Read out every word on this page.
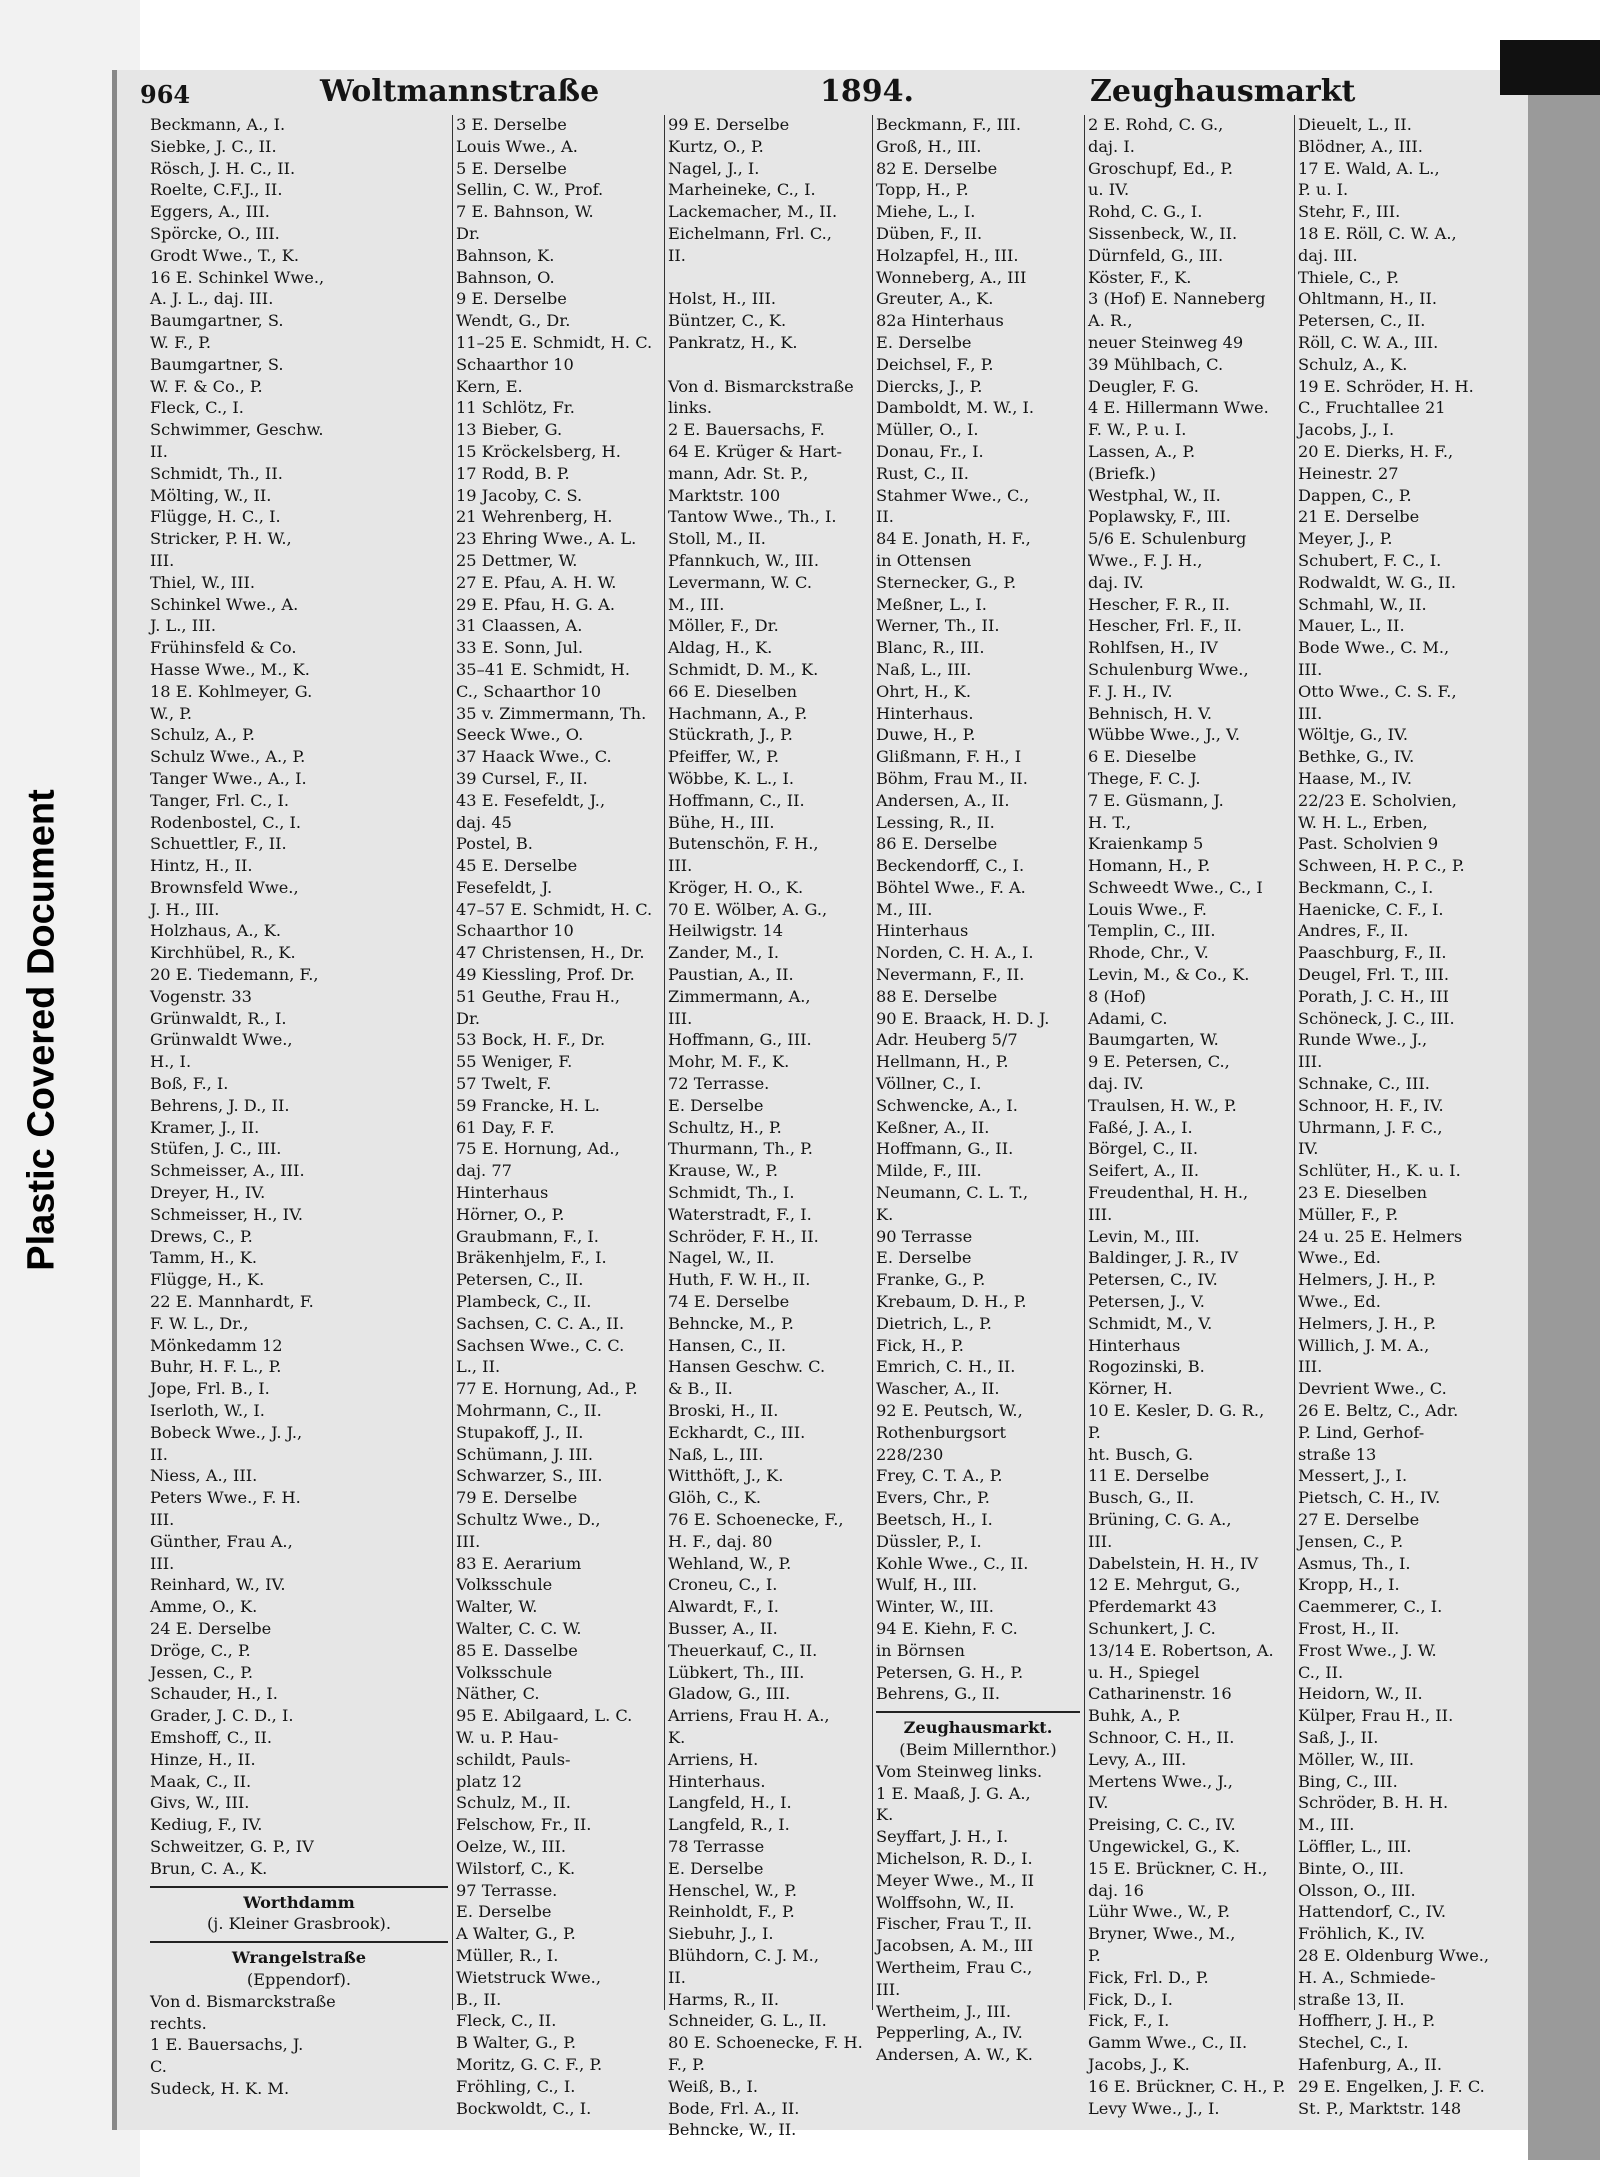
Plastic Covered Document
964	Woltmannstraße	1894.	Zeughausmarkt
Beckmann, A., I.
Siebke, J. C., II.
Rösch, J. H. C., II.
Roelte, C.F.J., II.
Eggers, A., III.
Spörcke, O., III.
Grodt Wwe., T., K.
16 E. Schinkel Wwe.,
A. J. L., daj. III.
Baumgartner, S.
W. F., P.
Baumgartner, S.
W. F. & Co., P.
Fleck, C., I.
Schwimmer, Geschw.
II.
Schmidt, Th., II.
Mölting, W., II.
Flügge, H. C., I.
Stricker, P. H. W.,
III.
Thiel, W., III.
Schinkel Wwe., A.
J. L., III.
Frühinsfeld & Co.
Hasse Wwe., M., K.
18 E. Kohlmeyer, G.
W., P.
Schulz, A., P.
Schulz Wwe., A., P.
Tanger Wwe., A., I.
Tanger, Frl. C., I.
Rodenbostel, C., I.
Schuettler, F., II.
Hintz, H., II.
Brownsfeld Wwe.,
J. H., III.
Holzhaus, A., K.
Kirchhübel, R., K.
20 E. Tiedemann, F.,
Vogenstr. 33
Grünwaldt, R., I.
Grünwaldt Wwe.,
H., I.
Boß, F., I.
Behrens, J. D., II.
Kramer, J., II.
Stüfen, J. C., III.
Schmeisser, A., III.
Dreyer, H., IV.
Schmeisser, H., IV.
Drews, C., P.
Tamm, H., K.
Flügge, H., K.
22 E. Mannhardt, F.
F. W. L., Dr.,
Mönkedamm 12
Buhr, H. F. L., P.
Jope, Frl. B., I.
Iserloth, W., I.
Bobeck Wwe., J. J.,
II.
Niess, A., III.
Peters Wwe., F. H.
III.
Günther, Frau A.,
III.
Reinhard, W., IV.
Amme, O., K.
24 E. Derselbe
Dröge, C., P.
Jessen, C., P.
Schauder, H., I.
Grader, J. C. D., I.
Emshoff, C., II.
Hinze, H., II.
Maak, C., II.
Givs, W., III.
Kediug, F., IV.
Schweitzer, G. P., IV
Brun, C. A., K.
Worthdamm
(j. Kleiner Grasbrook).
Wrangelstraße
(Eppendorf).
Von d. Bismarckstraße
rechts.
1 E. Bauersachs, J.
C.
Sudeck, H. K. M.
3 E. Derselbe
Louis Wwe., A.
5 E. Derselbe
Sellin, C. W., Prof.
7 E. Bahnson, W.
Dr.
Bahnson, K.
Bahnson, O.
9 E. Derselbe
Wendt, G., Dr.
11–25 E. Schmidt, H. C.
Schaarthor 10
Kern, E.
11 Schlötz, Fr.
13 Bieber, G.
15 Kröckelsberg, H.
17 Rodd, B. P.
19 Jacoby, C. S.
21 Wehrenberg, H.
23 Ehring Wwe., A. L.
25 Dettmer, W.
27 E. Pfau, A. H. W.
29 E. Pfau, H. G. A.
31 Claassen, A.
33 E. Sonn, Jul.
35–41 E. Schmidt, H.
C., Schaarthor 10
35 v. Zimmermann, Th.
Seeck Wwe., O.
37 Haack Wwe., C.
39 Cursel, F., II.
43 E. Fesefeldt, J.,
daj. 45
Postel, B.
45 E. Derselbe
Fesefeldt, J.
47–57 E. Schmidt, H. C.
Schaarthor 10
47 Christensen, H., Dr.
49 Kiessling, Prof. Dr.
51 Geuthe, Frau H.,
Dr.
53 Bock, H. F., Dr.
55 Weniger, F.
57 Twelt, F.
59 Francke, H. L.
61 Day, F. F.
75 E. Hornung, Ad.,
daj. 77
Hinterhaus
Hörner, O., P.
Graubmann, F., I.
Bräkenhjelm, F., I.
Petersen, C., II.
Plambeck, C., II.
Sachsen, C. C. A., II.
Sachsen Wwe., C. C.
L., II.
77 E. Hornung, Ad., P.
Mohrmann, C., II.
Stupakoff, J., II.
Schümann, J. III.
Schwarzer, S., III.
79 E. Derselbe
Schultz Wwe., D.,
III.
83 E. Aerarium
Volksschule
Walter, W.
Walter, C. C. W.
85 E. Dasselbe
Volksschule
Näther, C.
95 E. Abilgaard, L. C.
W. u. P. Hau-
schildt, Pauls-
platz 12
Schulz, M., II.
Felschow, Fr., II.
Oelze, W., III.
Wilstorf, C., K.
97 Terrasse.
E. Derselbe
A Walter, G., P.
Müller, R., I.
Wietstruck Wwe.,
B., II.
Fleck, C., II.
B Walter, G., P.
Moritz, G. C. F., P.
Fröhling, C., I.
Bockwoldt, C., I.
99 E. Derselbe
Kurtz, O., P.
Nagel, J., I.
Marheineke, C., I.
Lackemacher, M., II.
Eichelmann, Frl. C.,
II.

Holst, H., III.
Büntzer, C., K.
Pankratz, H., K.

Von d. Bismarckstraße
links.
2 E. Bauersachs, F.
64 E. Krüger & Hart-
mann, Adr. St. P.,
Marktstr. 100
Tantow Wwe., Th., I.
Stoll, M., II.
Pfannkuch, W., III.
Levermann, W. C.
M., III.
Möller, F., Dr.
Aldag, H., K.
Schmidt, D. M., K.
66 E. Dieselben
Hachmann, A., P.
Stückrath, J., P.
Pfeiffer, W., P.
Wöbbe, K. L., I.
Hoffmann, C., II.
Bühe, H., III.
Butenschön, F. H.,
III.
Kröger, H. O., K.
70 E. Wölber, A. G.,
Heilwigstr. 14
Zander, M., I.
Paustian, A., II.
Zimmermann, A.,
III.
Hoffmann, G., III.
Mohr, M. F., K.
72 Terrasse.
E. Derselbe
Schultz, H., P.
Thurmann, Th., P.
Krause, W., P.
Schmidt, Th., I.
Waterstradt, F., I.
Schröder, F. H., II.
Nagel, W., II.
Huth, F. W. H., II.
74 E. Derselbe
Behncke, M., P.
Hansen, C., II.
Hansen Geschw. C.
& B., II.
Broski, H., II.
Eckhardt, C., III.
Naß, L., III.
Witthöft, J., K.
Glöh, C., K.
76 E. Schoenecke, F.,
H. F., daj. 80
Wehland, W., P.
Croneu, C., I.
Alwardt, F., I.
Busser, A., II.
Theuerkauf, C., II.
Lübkert, Th., III.
Gladow, G., III.
Arriens, Frau H. A.,
K.
Arriens, H.
Hinterhaus.
Langfeld, H., I.
Langfeld, R., I.
78 Terrasse
E. Derselbe
Henschel, W., P.
Reinholdt, F., P.
Siebuhr, J., I.
Blühdorn, C. J. M.,
II.
Harms, R., II.
Schneider, G. L., II.
80 E. Schoenecke, F. H.
F., P.
Weiß, B., I.
Bode, Frl. A., II.
Behncke, W., II.
Beckmann, F., III.
Groß, H., III.
82 E. Derselbe
Topp, H., P.
Miehe, L., I.
Düben, F., II.
Holzapfel, H., III.
Wonneberg, A., III
Greuter, A., K.
82a Hinterhaus
E. Derselbe
Deichsel, F., P.
Diercks, J., P.
Damboldt, M. W., I.
Müller, O., I.
Donau, Fr., I.
Rust, C., II.
Stahmer Wwe., C.,
II.
84 E. Jonath, H. F.,
in Ottensen
Sternecker, G., P.
Meßner, L., I.
Werner, Th., II.
Blanc, R., III.
Naß, L., III.
Ohrt, H., K.
Hinterhaus.
Duwe, H., P.
Glißmann, F. H., I
Böhm, Frau M., II.
Andersen, A., II.
Lessing, R., II.
86 E. Derselbe
Beckendorff, C., I.
Böhtel Wwe., F. A.
M., III.
Hinterhaus
Norden, C. H. A., I.
Nevermann, F., II.
88 E. Derselbe
90 E. Braack, H. D. J.
Adr. Heuberg 5/7
Hellmann, H., P.
Völlner, C., I.
Schwencke, A., I.
Keßner, A., II.
Hoffmann, G., II.
Milde, F., III.
Neumann, C. L. T.,
K.
90 Terrasse
E. Derselbe
Franke, G., P.
Krebaum, D. H., P.
Dietrich, L., P.
Fick, H., P.
Emrich, C. H., II.
Wascher, A., II.
92 E. Peutsch, W.,
Rothenburgsort
228/230
Frey, C. T. A., P.
Evers, Chr., P.
Beetsch, H., I.
Düssler, P., I.
Kohle Wwe., C., II.
Wulf, H., III.
Winter, W., III.
94 E. Kiehn, F. C.
in Börnsen
Petersen, G. H., P.
Behrens, G., II.
Zeughausmarkt.
(Beim Millernthor.)
Vom Steinweg links.
1 E. Maaß, J. G. A.,
K.
Seyffart, J. H., I.
Michelson, R. D., I.
Meyer Wwe., M., II
Wolffsohn, W., II.
Fischer, Frau T., II.
Jacobsen, A. M., III
Wertheim, Frau C.,
III.
Wertheim, J., III.
Pepperling, A., IV.
Andersen, A. W., K.
2 E. Rohd, C. G.,
daj. I.
Groschupf, Ed., P.
u. IV.
Rohd, C. G., I.
Sissenbeck, W., II.
Dürnfeld, G., III.
Köster, F., K.
3 (Hof) E. Nanneberg
A. R.,
neuer Steinweg 49
39 Mühlbach, C.
Deugler, F. G.
4 E. Hillermann Wwe.
F. W., P. u. I.
Lassen, A., P.
(Briefk.)
Westphal, W., II.
Poplawsky, F., III.
5/6 E. Schulenburg
Wwe., F. J. H.,
daj. IV.
Hescher, F. R., II.
Hescher, Frl. F., II.
Rohlfsen, H., IV
Schulenburg Wwe.,
F. J. H., IV.
Behnisch, H. V.
Wübbe Wwe., J., V.
6 E. Dieselbe
Thege, F. C. J.
7 E. Güsmann, J.
H. T.,
Kraienkamp 5
Homann, H., P.
Schweedt Wwe., C., I
Louis Wwe., F.
Templin, C., III.
Rhode, Chr., V.
Levin, M., & Co., K.
8 (Hof)
Adami, C.
Baumgarten, W.
9 E. Petersen, C.,
daj. IV.
Traulsen, H. W., P.
Faßé, J. A., I.
Börgel, C., II.
Seifert, A., II.
Freudenthal, H. H.,
III.
Levin, M., III.
Baldinger, J. R., IV
Petersen, C., IV.
Petersen, J., V.
Schmidt, M., V.
Hinterhaus
Rogozinski, B.
Körner, H.
10 E. Kesler, D. G. R.,
P.
ht. Busch, G.
11 E. Derselbe
Busch, G., II.
Brüning, C. G. A.,
III.
Dabelstein, H. H., IV
12 E. Mehrgut, G.,
Pferdemarkt 43
Schunkert, J. C.
13/14 E. Robertson, A.
u. H., Spiegel
Catharinenstr. 16
Buhk, A., P.
Schnoor, C. H., II.
Levy, A., III.
Mertens Wwe., J.,
IV.
Preising, C. C., IV.
Ungewickel, G., K.
15 E. Brückner, C. H.,
daj. 16
Lühr Wwe., W., P.
Bryner, Wwe., M.,
P.
Fick, Frl. D., P.
Fick, D., I.
Fick, F., I.
Gamm Wwe., C., II.
Jacobs, J., K.
16 E. Brückner, C. H., P.
Levy Wwe., J., I.
Dieuelt, L., II.
Blödner, A., III.
17 E. Wald, A. L.,
P. u. I.
Stehr, F., III.
18 E. Röll, C. W. A.,
daj. III.
Thiele, C., P.
Ohltmann, H., II.
Petersen, C., II.
Röll, C. W. A., III.
Schulz, A., K.
19 E. Schröder, H. H.
C., Fruchtallee 21
Jacobs, J., I.
20 E. Dierks, H. F.,
Heinestr. 27
Dappen, C., P.
21 E. Derselbe
Meyer, J., P.
Schubert, F. C., I.
Rodwaldt, W. G., II.
Schmahl, W., II.
Mauer, L., II.
Bode Wwe., C. M.,
III.
Otto Wwe., C. S. F.,
III.
Wöltje, G., IV.
Bethke, G., IV.
Haase, M., IV.
22/23 E. Scholvien,
W. H. L., Erben,
Past. Scholvien 9
Schween, H. P. C., P.
Beckmann, C., I.
Haenicke, C. F., I.
Andres, F., II.
Paaschburg, F., II.
Deugel, Frl. T., III.
Porath, J. C. H., III
Schöneck, J. C., III.
Runde Wwe., J.,
III.
Schnake, C., III.
Schnoor, H. F., IV.
Uhrmann, J. F. C.,
IV.
Schlüter, H., K. u. I.
23 E. Dieselben
Müller, F., P.
24 u. 25 E. Helmers
Wwe., Ed.
Helmers, J. H., P.
Wwe., Ed.
Helmers, J. H., P.
Willich, J. M. A.,
III.
Devrient Wwe., C.
26 E. Beltz, C., Adr.
P. Lind, Gerhof-
straße 13
Messert, J., I.
Pietsch, C. H., IV.
27 E. Derselbe
Jensen, C., P.
Asmus, Th., I.
Kropp, H., I.
Caemmerer, C., I.
Frost, H., II.
Frost Wwe., J. W.
C., II.
Heidorn, W., II.
Külper, Frau H., II.
Saß, J., II.
Möller, W., III.
Bing, C., III.
Schröder, B. H. H.
M., III.
Löffler, L., III.
Binte, O., III.
Olsson, O., III.
Hattendorf, C., IV.
Fröhlich, K., IV.
28 E. Oldenburg Wwe.,
H. A., Schmiede-
straße 13, II.
Hoffherr, J. H., P.
Stechel, C., I.
Hafenburg, A., II.
29 E. Engelken, J. F. C.
St. P., Marktstr. 148
